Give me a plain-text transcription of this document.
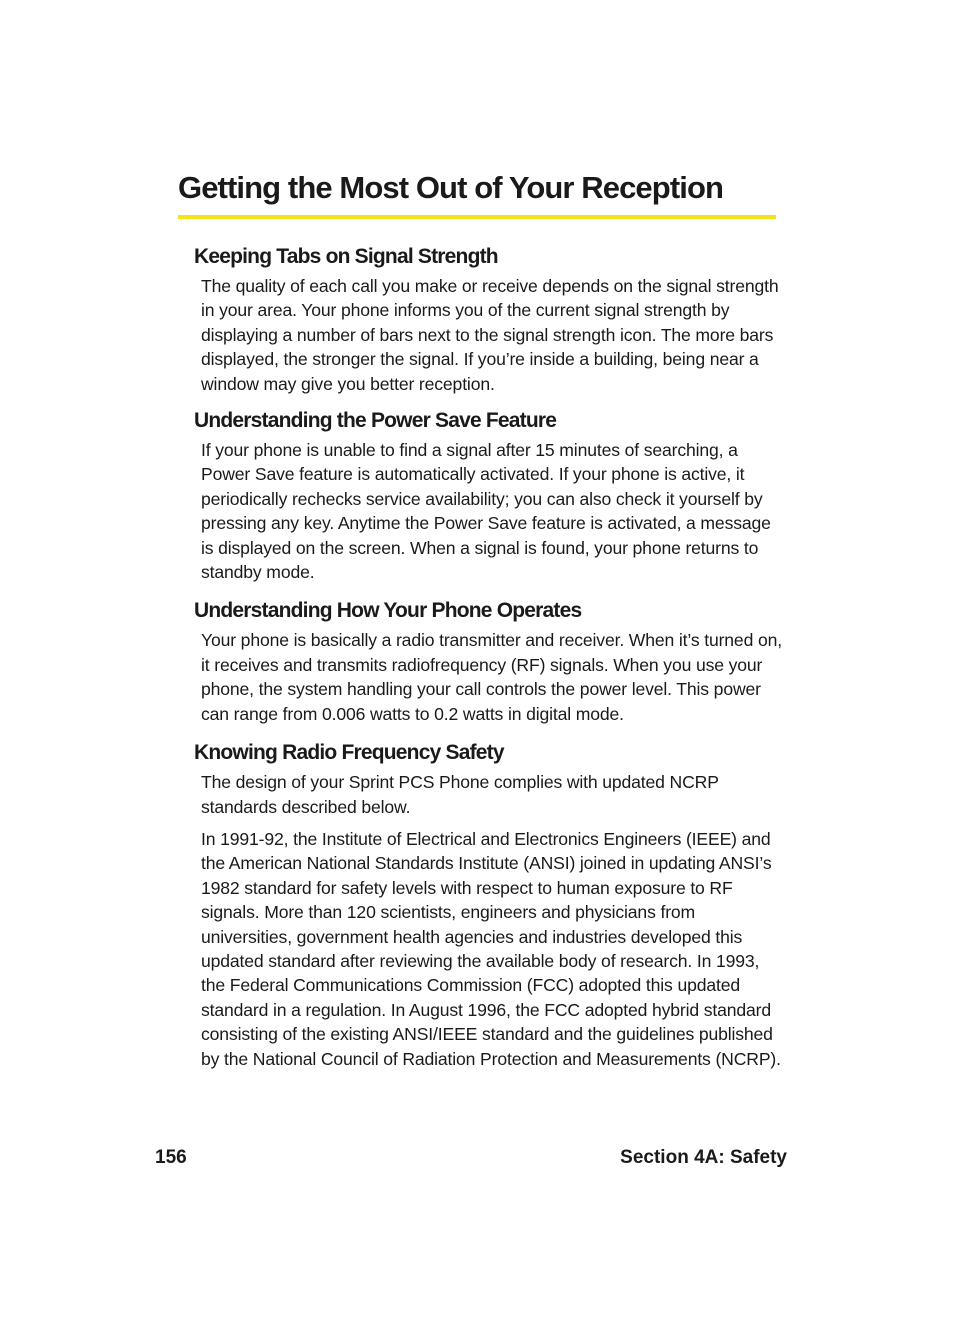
Getting the Most Out of Your Reception
Keeping Tabs on Signal Strength

The quality of each call you make or receive depends on the signal strength in your area. Your phone informs you of the current signal strength by displaying a number of bars next to the signal strength icon. The more bars displayed, the stronger the signal. If you’re inside a building, being near a window may give you better reception.

Understanding the Power Save Feature

If your phone is unable to find a signal after 15 minutes of searching, a Power Save feature is automatically activated. If your phone is active, it periodically rechecks service availability; you can also check it yourself by pressing any key. Anytime the Power Save feature is activated, a message is displayed on the screen. When a signal is found, your phone returns to standby mode.

Understanding How Your Phone Operates

Your phone is basically a radio transmitter and receiver. When it’s turned on, it receives and transmits radiofrequency (RF) signals. When you use your phone, the system handling your call controls the power level. This power can range from 0.006 watts to 0.2 watts in digital mode.

Knowing Radio Frequency Safety

The design of your Sprint PCS Phone complies with updated NCRP standards described below.

In 1991-92, the Institute of Electrical and Electronics Engineers (IEEE) and the American National Standards Institute (ANSI) joined in updating ANSI’s 1982 standard for safety levels with respect to human exposure to RF signals. More than 120 scientists, engineers and physicians from universities, government health agencies and industries developed this updated standard after reviewing the available body of research. In 1993, the Federal Communications Commission (FCC) adopted this updated standard in a regulation. In August 1996, the FCC adopted hybrid standard consisting of the existing ANSI/IEEE standard and the guidelines published by the National Council of Radiation Protection and Measurements (NCRP).

156	Section 4A: Safety
